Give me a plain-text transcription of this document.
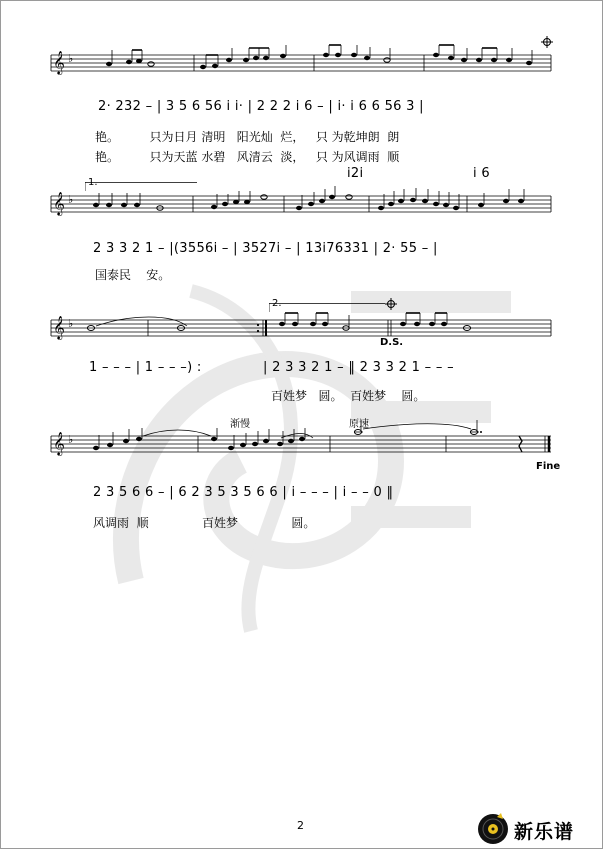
𝄞 ♭
2· 232 – | 3 5 6 56 i i· | 2 2 2 i 6 – | i· i 6 6 56 3 |
艳。        只为日月 清明   阳光灿  烂，   只 为乾坤朗  朗
艳。        只为天蓝 水碧   风清云  淡，   只 为风调雨  顺
1.
i2i	i 6
𝄞 ♭
2 3 3 2 1 – |(3556i – | 3527i – | 13i76331 | 2· 55 – |
国泰民    安。
2.
𝄞 ♭
D.S.
1 – – – | 1 – – –) :	| 2 3 3 2 1 – ‖ 2 3 3 2 1 – – –
百姓梦   圆。  百姓梦    圆。
渐慢	原速
𝄞 ♭
Fine
2 3 5 6 6 – | 6 2 3 5 3 5 6 6 | i – – – | i – – 0 ‖
风调雨  顺              百姓梦              圆。
2	新乐谱
